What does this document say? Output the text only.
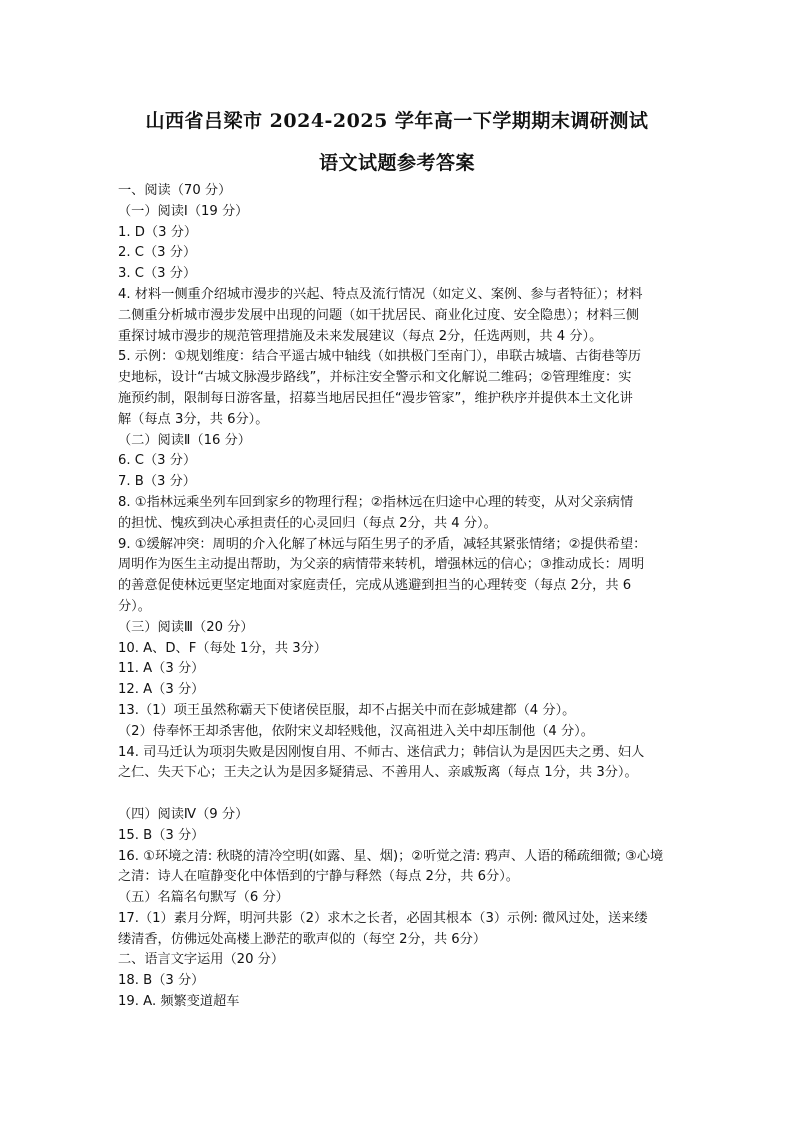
山西省吕梁市 2024-2025 学年高一下学期期末调研测试
语文试题参考答案
一、阅读（70 分）
（一）阅读Ⅰ（19 分）
1. D（3 分）
2. C（3 分）
3. C（3 分）
4. 材料一侧重介绍城市漫步的兴起、特点及流行情况（如定义、案例、参与者特征）；材料
二侧重分析城市漫步发展中出现的问题（如干扰居民、商业化过度、安全隐患）；材料三侧
重探讨城市漫步的规范管理措施及未来发展建议（每点 2分，任选两则，共 4 分）。
5. 示例：①规划维度：结合平遥古城中轴线（如拱极门至南门），串联古城墙、古街巷等历
史地标，设计“古城文脉漫步路线”，并标注安全警示和文化解说二维码；②管理维度：实
施预约制，限制每日游客量，招募当地居民担任“漫步管家”，维护秩序并提供本土文化讲
解（每点 3分，共 6分）。
（二）阅读Ⅱ（16 分）
6. C（3 分）
7. B（3 分）
8. ①指林远乘坐列车回到家乡的物理行程；②指林远在归途中心理的转变，从对父亲病情
的担忧、愧疚到决心承担责任的心灵回归（每点 2分，共 4 分）。
9. ①缓解冲突：周明的介入化解了林远与陌生男子的矛盾，减轻其紧张情绪；②提供希望：
周明作为医生主动提出帮助，为父亲的病情带来转机，增强林远的信心；③推动成长：周明
的善意促使林远更坚定地面对家庭责任，完成从逃避到担当的心理转变（每点 2分，共 6
分）。
（三）阅读Ⅲ（20 分）
10. A、D、F（每处 1分，共 3分）
11. A（3 分）
12. A（3 分）
13.（1）项王虽然称霸天下使诸侯臣服，却不占据关中而在彭城建都（4 分）。
（2）侍奉怀王却杀害他，依附宋义却轻贱他，汉高祖进入关中却压制他（4 分）。
14. 司马迁认为项羽失败是因刚愎自用、不师古、迷信武力；韩信认为是因匹夫之勇、妇人
之仁、失天下心；王夫之认为是因多疑猜忌、不善用人、亲戚叛离（每点 1分，共 3分）。
（四）阅读Ⅳ（9 分）
15. B（3 分）
16. ①环境之清: 秋晓的清冷空明(如露、星、烟)；②听觉之清: 鸦声、人语的稀疏细微; ③心境
之清：诗人在喧静变化中体悟到的宁静与释然（每点 2分，共 6分）。
（五）名篇名句默写（6 分）
17.（1）素月分辉，明河共影（2）求木之长者，必固其根本（3）示例: 微风过处，送来缕
缕清香，仿佛远处高楼上渺茫的歌声似的（每空 2分，共 6分）
二、语言文字运用（20 分）
18. B（3 分）
19. A. 频繁变道超车
